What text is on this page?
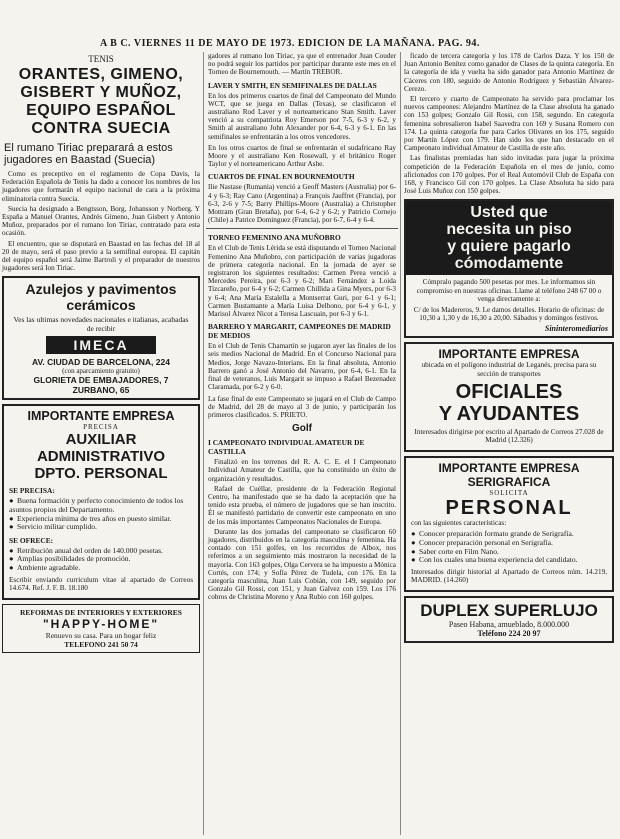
A B C. VIERNES 11 DE MAYO DE 1973. EDICION DE LA MAÑANA. PAG. 94.
TENIS
ORANTES, GIMENO, GISBERT Y MUÑOZ, EQUIPO ESPAÑOL CONTRA SUECIA
El rumano Tiriac preparará a estos jugadores en Baastad (Suecia)

Como es preceptivo en el reglamento de Copa Davis, la Federación Española de Tenis ha dado a conocer los nombres de los jugadores que formarán el equipo nacional de cara a la próxima eliminatoria contra Suecia.

Suecia ha designado a Bengtsson, Borg, Johansson y Norberg. Y España a Manuel Orantes, Andrés Gimeno, Juan Gisbert y Antonio Muñoz, preparados por el rumano Ion Tiriac, contratado para esta ocasión.

El encuentro, que se disputará en Baastad en las fechas del 18 al 20 de mayo, será el paso previo a la semifinal europea. El capitán del equipo español será Jaime Bartroli y el preparador de nuestros jugadores será Ion Tiriac.

Azulejos y pavimentos
cerámicos
Ves las ultimas novedades nacionales e italianas, acabadas de recibir
IMECA
AV. CIUDAD DE BARCELONA, 224
(con aparcamiento gratuito)
GLORIETA DE EMBAJADORES, 7
ZURBANO, 65
IMPORTANTE EMPRESA
PRECISA
AUXILIAR
ADMINISTRATIVO
DPTO. PERSONAL
SE PRECISA:
● Buena formación y perfecto conocimiento de todos los asuntos propios del Departamento.
● Experiencia mínima de tres años en puesto similar.
● Servicio militar cumplido.
SE OFRECE:
● Retribución anual del orden de 140.000 pesetas.
● Amplias posibilidades de promoción.
● Ambiente agradable.
Escribir enviando curriculum vitae al apartado de Correos 14.674. Ref. J. F. B. 18.180
REFORMAS DE INTERIORES Y EXTERIORES
"HAPPY-HOME"
Renuevo su casa. Para un hogar feliz
TELEFONO 241 50 74
gadores al rumano Ion Tiriac, ya que el entrenador Juan Couder no podrá seguir los partidos por participar durante este mes en el Torneo de Bournemouth. — Martín TREBOR.
LAVER Y SMITH, EN SEMIFINALES DE DALLAS
En los dos primeros cuartos de final del Campeonato del Mundo WCT, que se juega en Dallas (Texas), se clasificaron el australiano Rod Laver y el norteamericano Stan Smith. Laver venció a su compatriota Roy Emerson por 7-5, 6-3 y 6-2, y Smith al australiano John Alexander por 6-4, 6-3 y 6-1. En las semifinales se enfrentarán a los otros vencedores.
En los otros cuartos de final se enfrentarán el sudafricano Ray Moore y el australiano Ken Rosewall, y el británico Roger Taylor y el norteamericano Arthur Ashe.
CUARTOS DE FINAL EN BOURNEMOUTH
Ilie Nastase (Rumania) venció a Geoff Masters (Australia) por 6-4 y 6-3; Ray Cano (Argentina) a François Jauffret (Francia), por 6-3, 2-6 y 7-5; Barry Phillips-Moore (Australia) a Christopher Mottram (Gran Bretaña), por 6-4, 6-2 y 6-2; y Patricio Cornejo (Chile) a Patrice Dominguez (Francia), por 6-7, 6-4 y 6-4.
TORNEO FEMENINO ANA MUÑOBRO
En el Club de Tenis Lérida se está disputando el Torneo Nacional Femenino Ana Muñobro, con participación de varias jugadoras de primera categoría nacional. En la jornada de ayer se registraron los siguientes resultados: Carmen Perea venció a Mercedes Pereira, por 6-3 y 6-2; Mari Fernández a Loida Tizcareño, por 6-4 y 6-2; Carmen Chillida a Gina Myers, por 6-3 y 6-4; Ana María Estalella a Montserrat Guri, por 6-1 y 6-1; Carmen Bustamante a María Luisa Delbono, por 6-4 y 6-1, y Marisol Álvarez Nicot a Teresa Lascuain, por 6-3 y 6-1.
BARRERO Y MARGARIT, CAMPEONES DE MADRID DE MEDIOS
En el Club de Tenis Chamartín se jugaron ayer las finales de los seis medios Nacional de Madrid. En el Concurso Nacional para Medios, Jorge Navazo-Interians. En la final absoluta, Antonio Barrero ganó a José Antonio del Navarro, por 6-4, 6-1. En la final de veteranos, Luis Margarit se impuso a Rafael Bezenadez Claramada, por 6-2 y 6-0.
La fase final de este Campeonato se jugará en el Club de Campo de Madrid, del 28 de mayo al 3 de junio, y participarán los primeros clasificados. S. PRIETO.
Golf
I CAMPEONATO INDIVIDUAL AMATEUR DE CASTILLA

Finalizó en los terrenos del R. A. C. E. el I Campeonato Individual Amateur de Castilla, que ha constituido un éxito de organización y resultados.

Rafael de Cuéllar, presidente de la Federación Regional Centro, ha manifestado que se ha dado la aceptación que ha tenido esta prueba, el número de jugadores que se han inscrito. Él se manifestó partidario de convertir este campeonato en uno de los más importantes Campeonatos Nacionales de Europa.

Durante las dos jornadas del campeonato se clasificaron 60 jugadores, distribuidos en la categoría masculina y femenina. Ha contado con 151 golfes, en los recorridos de Albox, nos referimos a un seguimiento más mostraron la necesidad de la mayoría. Con 163 golpes, Olga Cervera se ha impuesto a Mónica Cortés, con 174; y Sofía Pérez de Tudela, con 176. En la categoría masculina, Juan Luis Cobián, con 149, seguido por Gonzalo Gil Rossi, con 151, y Juan Galvez con 159. Los 176 cobros de Christina Moreno y Ana Rubio con 160 golpes.

ficado de tercera categoría y los 178 de Carlos Daza. Y los 150 de Juan Antonio Benítez como ganador de Clases de la quinta categoría. En la categoría de ida y vuelta ha sido ganador para Antonio Martínez de Cáceres con 180, seguido de Antonio Rodríguez y Sebastián Álvarez-Cerezo.

El tercero y cuarto de Campeonato ha servido para proclamar los nuevos campeones: Alejandro Martínez de la Clase absoluta ha ganado con 153 golpes; Gonzalo Gil Rossi, con 158, segundo. En categoría femenina sobresalieron Isabel Saavedra con 169 y Susana Romero con 174. La quinta categoría fue para Carlos Olivares en los 175, seguido por Martín López con 179. Han sido los que han destacado en el Campeonato individual Amateur de Castilla de este año.

Las finalistas premiadas han sido invitadas para jugar la próxima competición de la Federación Española en el mes de junio, como aficionados con 170 golpes. Por el Real Automóvil Club de España con 168, y Francisco Gil con 170 golpes. La Clase Absoluta ha sido para José Luis Muñoz con 150 golpes.

Usted que
necesita un piso
y quiere pagarlo
cómodamente
Cómpralo pagando 500 pesetas por mes. Le informamos sin compromiso en nuestras oficinas. Llame al teléfono 248 67 00 o venga directamente a:
C/ de los Madereros, 9. Le damos detalles. Horario de oficinas: de 10,30 a 1,30 y de 16,30 a 20,00. Sábados y domingos festivos.
Sininteromediarios
IMPORTANTE EMPRESA
ubicada en el polígono industrial de Leganés, precisa para su sección de transportes
OFICIALES
Y AYUDANTES
Interesados dirigirse por escrito al Apartado de Correos 27.028 de Madrid (12.326)
IMPORTANTE EMPRESA
SERIGRAFICA
SOLICITA
PERSONAL
con las siguientes características:
● Conocer preparación formato grande de Serigrafía.
● Conocer preparación personal en Serigrafía.
● Saber corte en Film Nano.
● Con los cuales una buena experiencia del candidato.
Interesados dirigir historial al Apartado de Correos núm. 14.219, MADRID. (14.260)
DUPLEX SUPERLUJO
Paseo Habana, amueblado, 8.000.000
Teléfono 224 20 97
